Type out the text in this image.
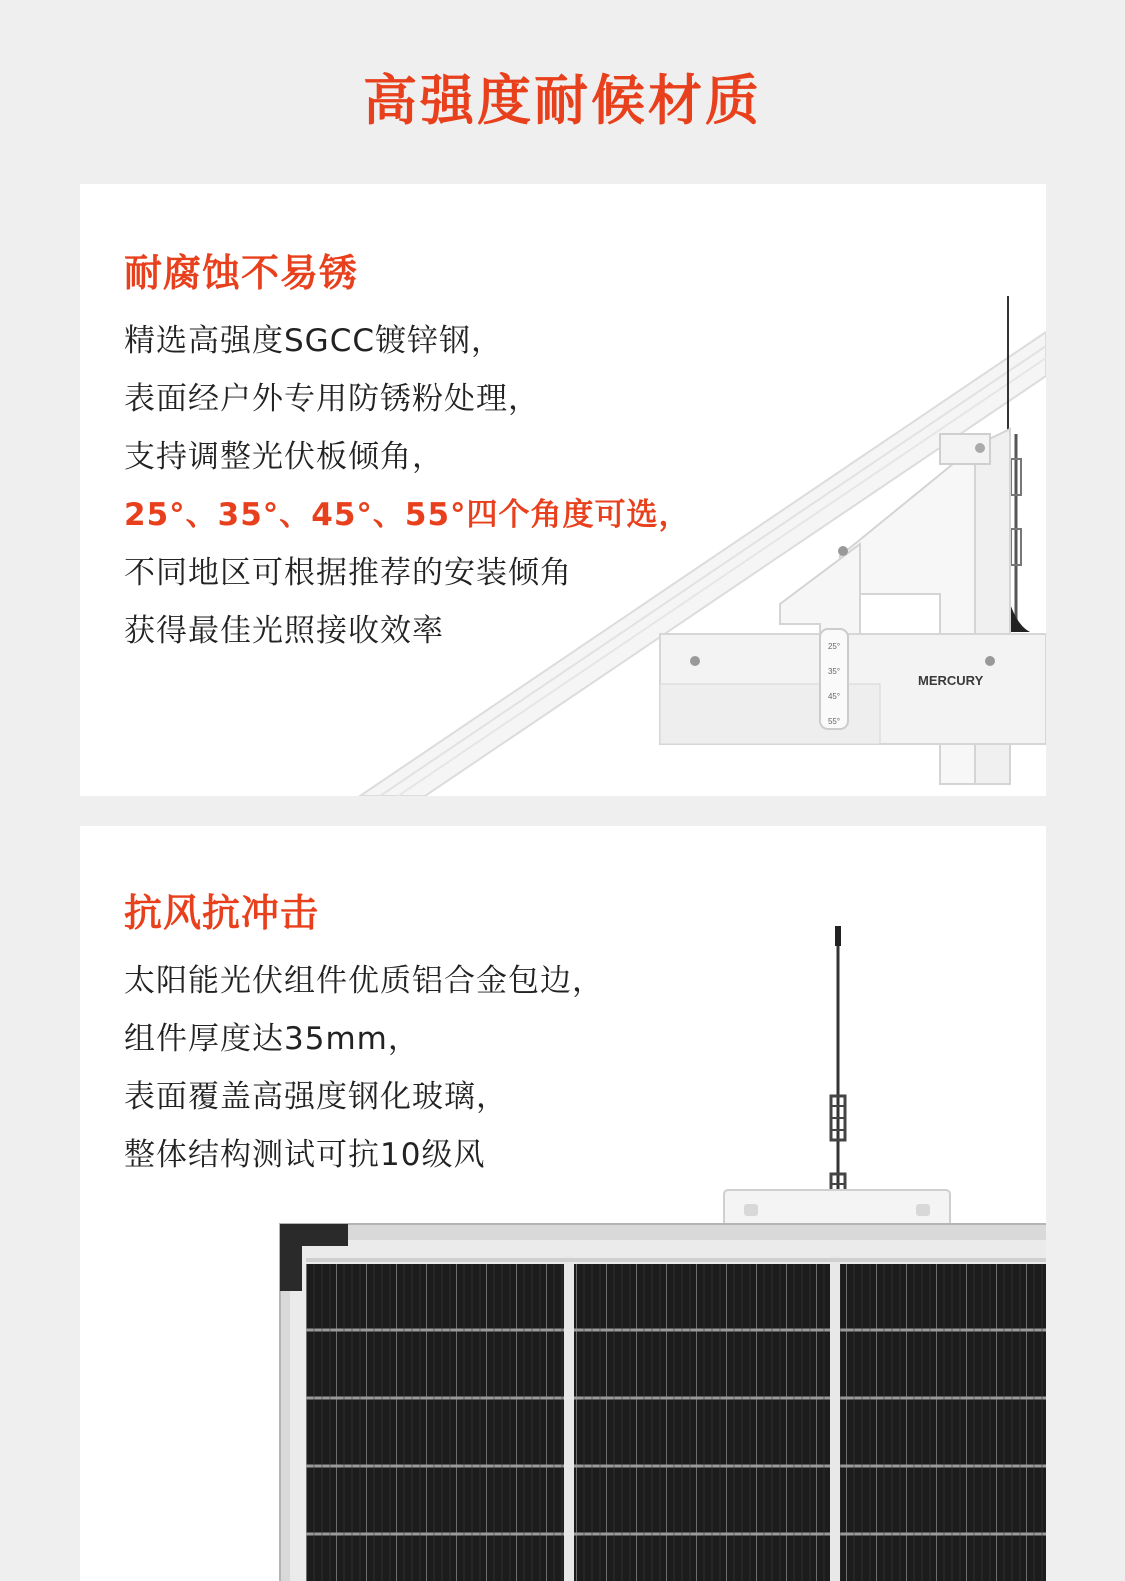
高强度耐候材质
25°
35°
45°
55°
MERCURY
耐腐蚀不易锈
精选高强度SGCC镀锌钢，
表面经户外专用防锈粉处理，
支持调整光伏板倾角，
25°、35°、45°、55°四个角度可选，
不同地区可根据推荐的安装倾角
获得最佳光照接收效率
抗风抗冲击
太阳能光伏组件优质铝合金包边，
组件厚度达35mm，
表面覆盖高强度钢化玻璃，
整体结构测试可抗10级风
